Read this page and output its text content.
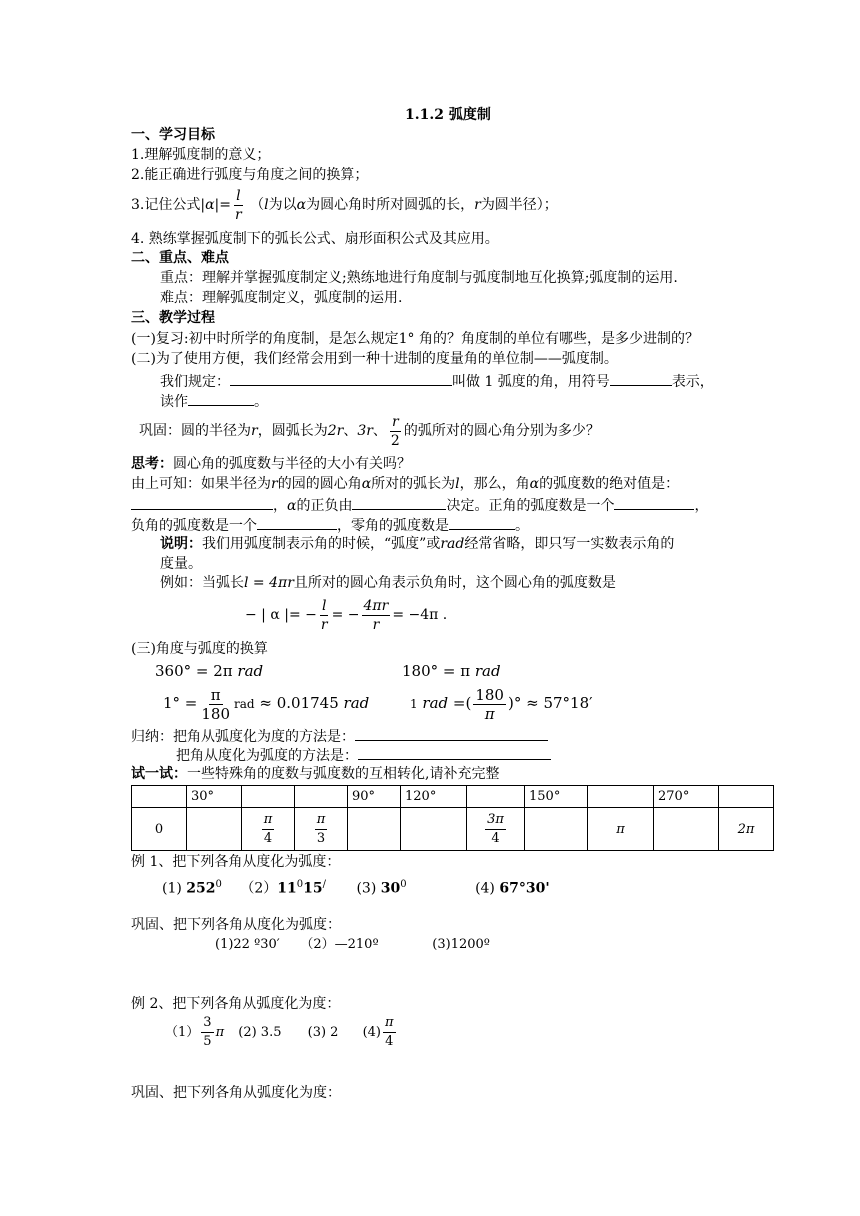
1.1.2 弧度制
一、学习目标
1.理解弧度制的意义；
2.能正确进行弧度与角度之间的换算；
3.记住公式$|\alpha|= \frac{l}{r} (l$为以α为圆心角时所对圆弧的长，r为圆半径）；
4. 熟练掌握弧度制下的弧长公式、扇形面积公式及其应用。
二、重点、难点
重点：理解并掌握弧度制定义;熟练地进行角度制与弧度制地互化换算;弧度制的运用.
难点：理解弧度制定义，弧度制的运用.
三、教学过程
(一)复习:初中时所学的角度制，是怎么规定1° 角的？角度制的单位有哪些，是多少进制的？
(二)为了使用方便，我们经常会用到一种十进制的度量角的单位制——弧度制。
我们规定：	叫做 1 弧度的角，用符号	表示，
读作	。
巩固：圆的半径为r，圆弧长为2r、3r、 $\frac{r}{2}$ 的弧所对的圆心角分别为多少？
思考：圆心角的弧度数与半径的大小有关吗？
由上可知：如果半径为r的园的圆心角α所对的弧长为l，那么，角α的弧度数的绝对值是：
，α的正负由	决定。正角的弧度数是一个	，
负角的弧度数是一个	，零角的弧度数是	。
说明：我们用弧度制表示角的时候，“弧度”或rad经常省略，即只写一实数表示角的
度量。
例如：当弧长l = 4πr且所对的圆心角表示负角时，这个圆心角的弧度数是
− | α |= − $\frac{l}{r}$ = − $\frac{4\pi r}{r} = -4\pi$ .
(三)角度与弧度的换算
360° = 2π rad	180° = π rad
$1^\circ = \frac{\pi}{180}$ rad ≈ 0.01745 rad	1 rad =( $\frac{180}{\pi}$ )° ≈ 57°18′
归纳：把角从弧度化为度的方法是：
把角从度化为弧度的方法是：
试一试：一些特殊角的度数与弧度数的互相转化,请补充完整
	30°			90°	120°		150°		270°	
0		$\frac{\pi}{4}$	$\frac{\pi}{3}$			$\frac{3\pi}{4}$		π		2π
例 1、把下列各角从度化为弧度：
(1) $252^0$ $(2)11^015^/$ (3) $30^0$	(4) 67°30'
巩固、把下列各角从度化为弧度：
(1)22 º30′     （2）—210º             (3)1200º
例 2、把下列各角从弧度化为度：
$(1) \frac{3}{5}$ π (2) 3.5 (3) 2 $(4) \frac{\pi}{4}$
巩固、把下列各角从弧度化为度：
